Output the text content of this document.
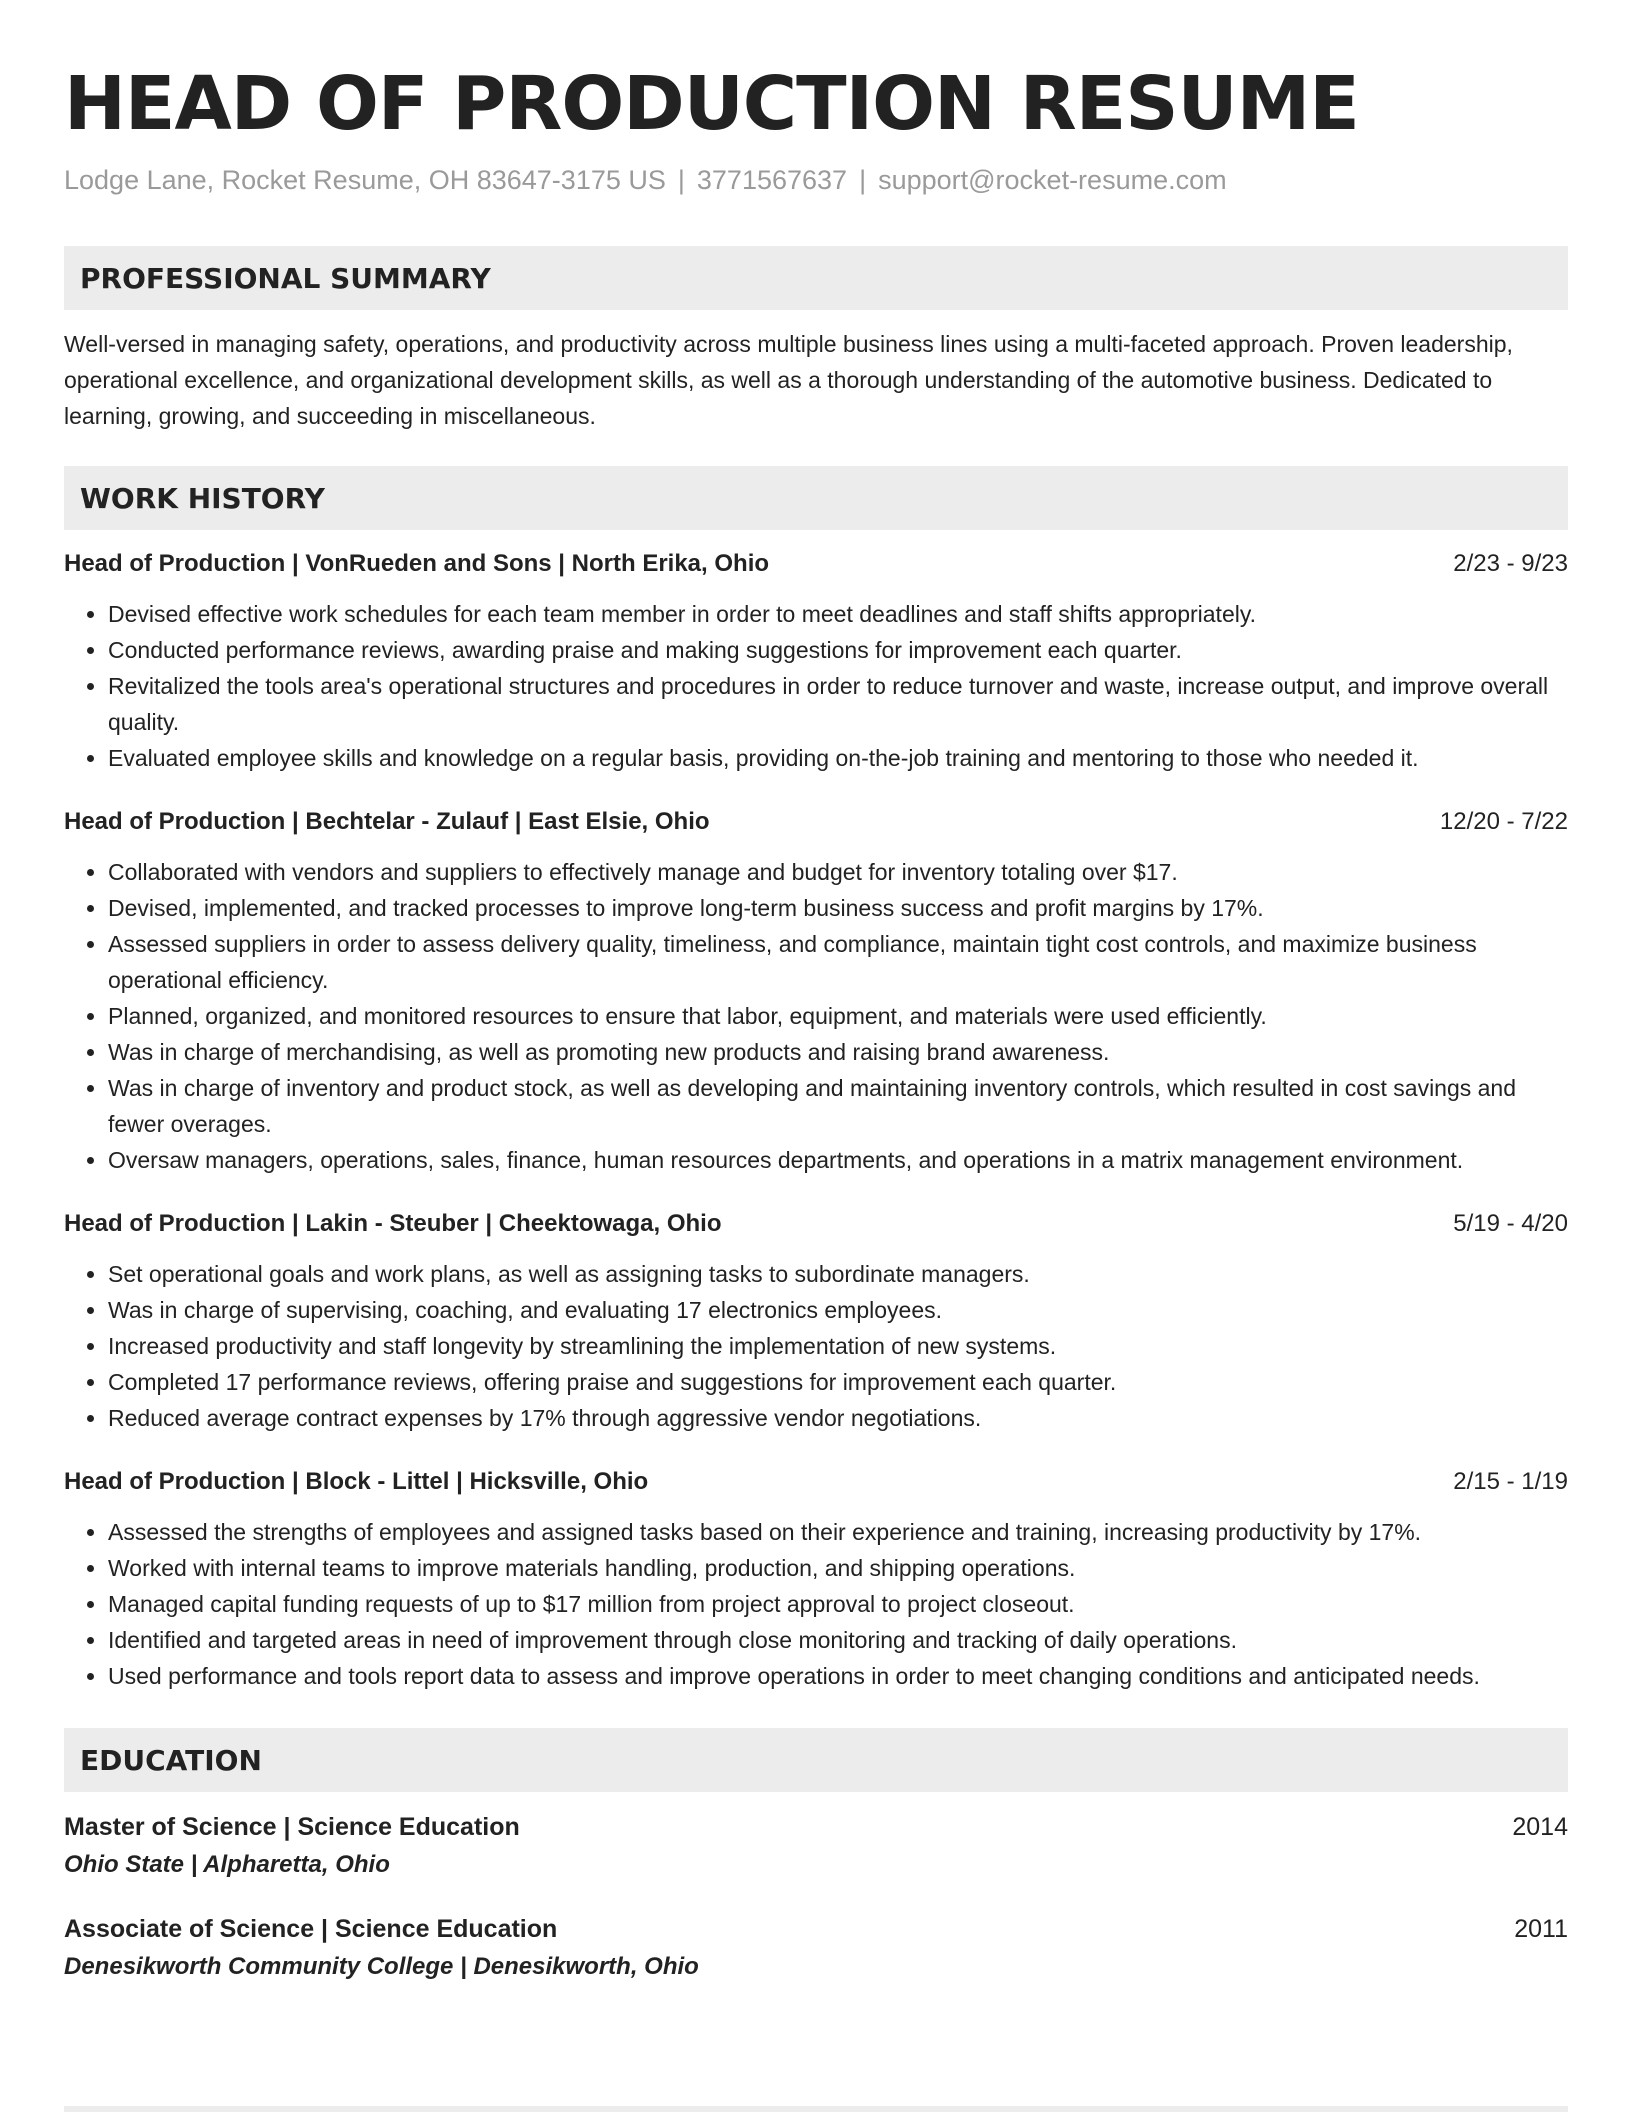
HEAD OF PRODUCTION RESUME
Lodge Lane, Rocket Resume, OH 83647-3175 US | 3771567637 | support@rocket-resume.com
PROFESSIONAL SUMMARY
Well-versed in managing safety, operations, and productivity across multiple business lines using a multi-faceted approach. Proven leadership, operational excellence, and organizational development skills, as well as a thorough understanding of the automotive business. Dedicated to learning, growing, and succeeding in miscellaneous.
WORK HISTORY
Head of Production | VonRueden and Sons | North Erika, Ohio	2/23 - 9/23
• Devised effective work schedules for each team member in order to meet deadlines and staff shifts appropriately.
• Conducted performance reviews, awarding praise and making suggestions for improvement each quarter.
• Revitalized the tools area's operational structures and procedures in order to reduce turnover and waste, increase output, and improve overall quality.
• Evaluated employee skills and knowledge on a regular basis, providing on-the-job training and mentoring to those who needed it.
Head of Production | Bechtelar - Zulauf | East Elsie, Ohio	12/20 - 7/22
• Collaborated with vendors and suppliers to effectively manage and budget for inventory totaling over $17.
• Devised, implemented, and tracked processes to improve long-term business success and profit margins by 17%.
• Assessed suppliers in order to assess delivery quality, timeliness, and compliance, maintain tight cost controls, and maximize business operational efficiency.
• Planned, organized, and monitored resources to ensure that labor, equipment, and materials were used efficiently.
• Was in charge of merchandising, as well as promoting new products and raising brand awareness.
• Was in charge of inventory and product stock, as well as developing and maintaining inventory controls, which resulted in cost savings and fewer overages.
• Oversaw managers, operations, sales, finance, human resources departments, and operations in a matrix management environment.
Head of Production | Lakin - Steuber | Cheektowaga, Ohio	5/19 - 4/20
• Set operational goals and work plans, as well as assigning tasks to subordinate managers.
• Was in charge of supervising, coaching, and evaluating 17 electronics employees.
• Increased productivity and staff longevity by streamlining the implementation of new systems.
• Completed 17 performance reviews, offering praise and suggestions for improvement each quarter.
• Reduced average contract expenses by 17% through aggressive vendor negotiations.
Head of Production | Block - Littel | Hicksville, Ohio	2/15 - 1/19
• Assessed the strengths of employees and assigned tasks based on their experience and training, increasing productivity by 17%.
• Worked with internal teams to improve materials handling, production, and shipping operations.
• Managed capital funding requests of up to $17 million from project approval to project closeout.
• Identified and targeted areas in need of improvement through close monitoring and tracking of daily operations.
• Used performance and tools report data to assess and improve operations in order to meet changing conditions and anticipated needs.
EDUCATION
Master of Science | Science Education	2014
Ohio State | Alpharetta, Ohio
Associate of Science | Science Education	2011
Denesikworth Community College | Denesikworth, Ohio
